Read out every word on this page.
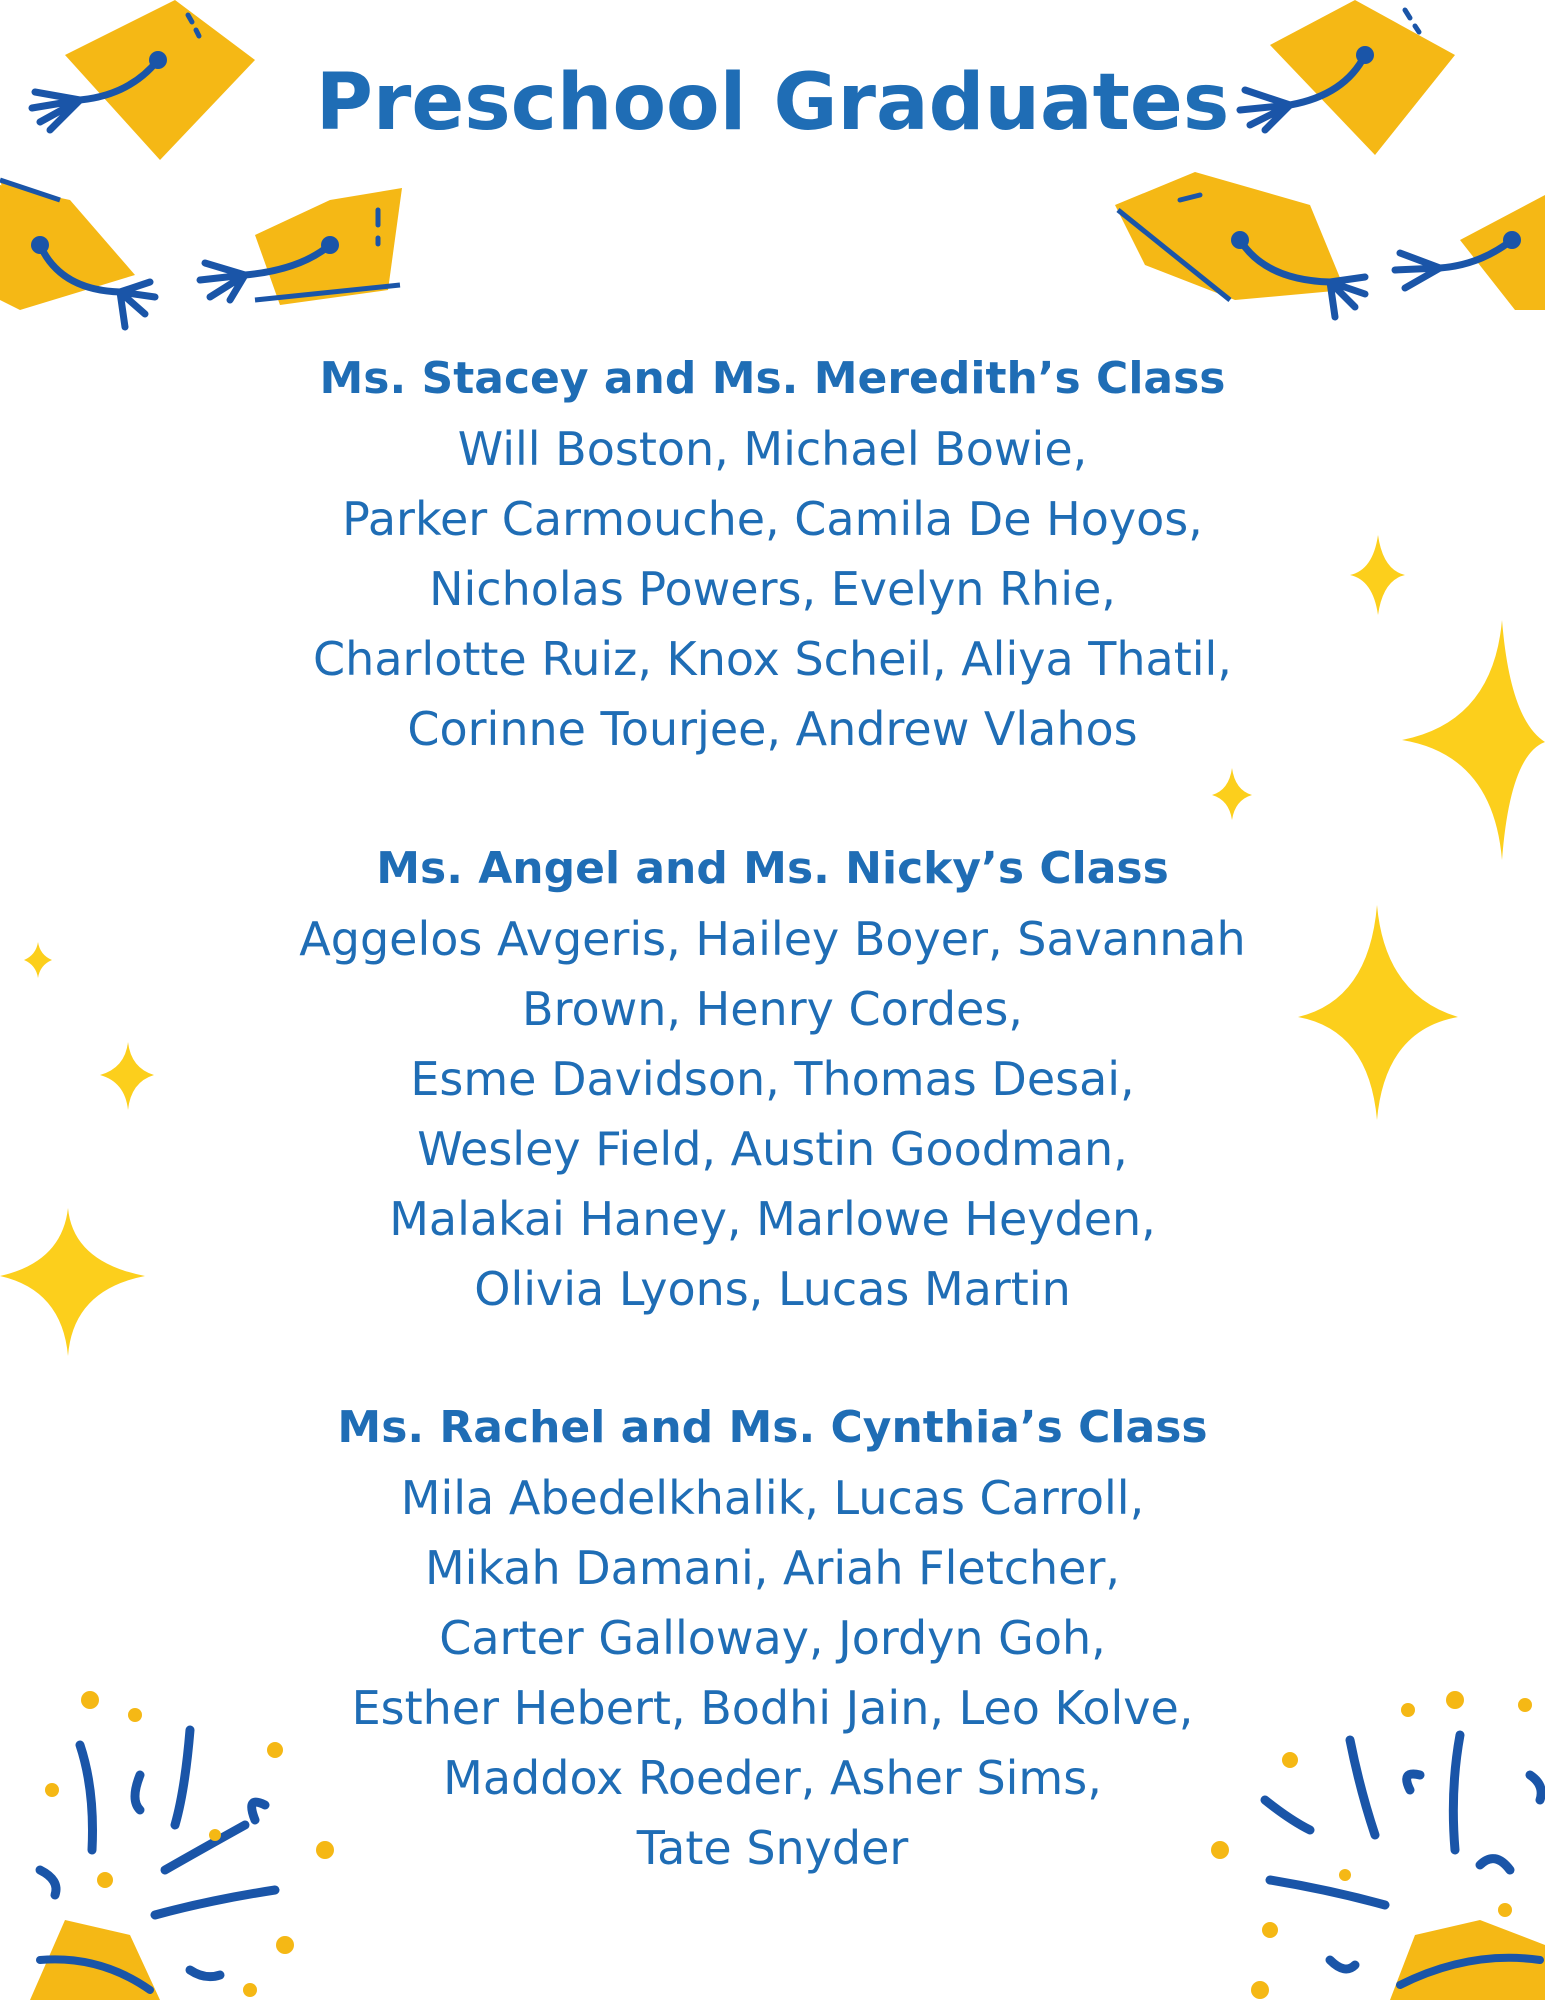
Preschool Graduates

Ms. Stacey and Ms. Meredith’s Class

Will Boston, Michael Bowie,

Parker Carmouche, Camila De Hoyos,

Nicholas Powers, Evelyn Rhie,

Charlotte Ruiz, Knox Scheil, Aliya Thatil,

Corinne Tourjee, Andrew Vlahos

Ms. Angel and Ms. Nicky’s Class

Aggelos Avgeris, Hailey Boyer, Savannah

Brown, Henry Cordes,

Esme Davidson, Thomas Desai,

Wesley Field, Austin Goodman,

Malakai Haney, Marlowe Heyden,

Olivia Lyons, Lucas Martin

Ms. Rachel and Ms. Cynthia’s Class

Mila Abedelkhalik, Lucas Carroll,

Mikah Damani, Ariah Fletcher,

Carter Galloway, Jordyn Goh,

Esther Hebert, Bodhi Jain, Leo Kolve,

Maddox Roeder, Asher Sims,

Tate Snyder
